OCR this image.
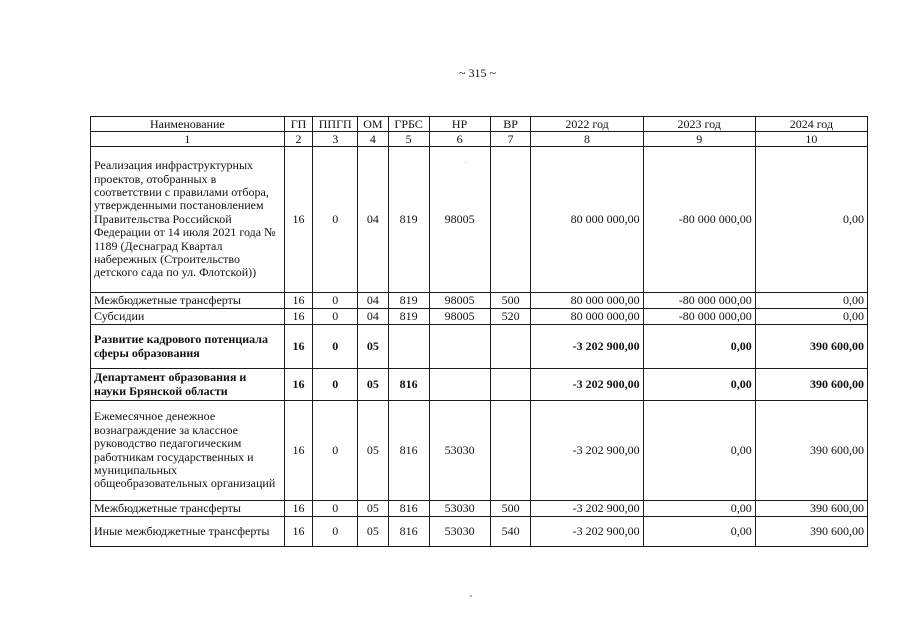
~ 315 ~
Наименование	ГП	ППГП	ОМ	ГРБС	НР	ВР	2022 год	2023 год	2024 год
1	2	3	4	5	6	7	8	9	10
Реализация инфраструктурных проектов, отобранных в соответствии с правилами отбора, утвержденными постановлением Правительства Российской Федерации от 14 июля 2021 года № 1189 (Деснаград Квартал набережных (Строительство детского сада по ул. Флотской))	16	0	04	819	98005		80 000 000,00	-80 000 000,00	0,00
Межбюджетные трансферты	16	0	04	819	98005	500	80 000 000,00	-80 000 000,00	0,00
Субсидии	16	0	04	819	98005	520	80 000 000,00	-80 000 000,00	0,00
Развитие кадрового потенциала сферы образования	16	0	05				-3 202 900,00	0,00	390 600,00
Департамент образования и науки Брянской области	16	0	05	816			-3 202 900,00	0,00	390 600,00
Ежемесячное денежное вознаграждение за классное руководство педагогическим работникам государственных и муниципальных общеобразовательных организаций	16	0	05	816	53030		-3 202 900,00	0,00	390 600,00
Межбюджетные трансферты	16	0	05	816	53030	500	-3 202 900,00	0,00	390 600,00
Иные межбюджетные трансферты	16	0	05	816	53030	540	-3 202 900,00	0,00	390 600,00
